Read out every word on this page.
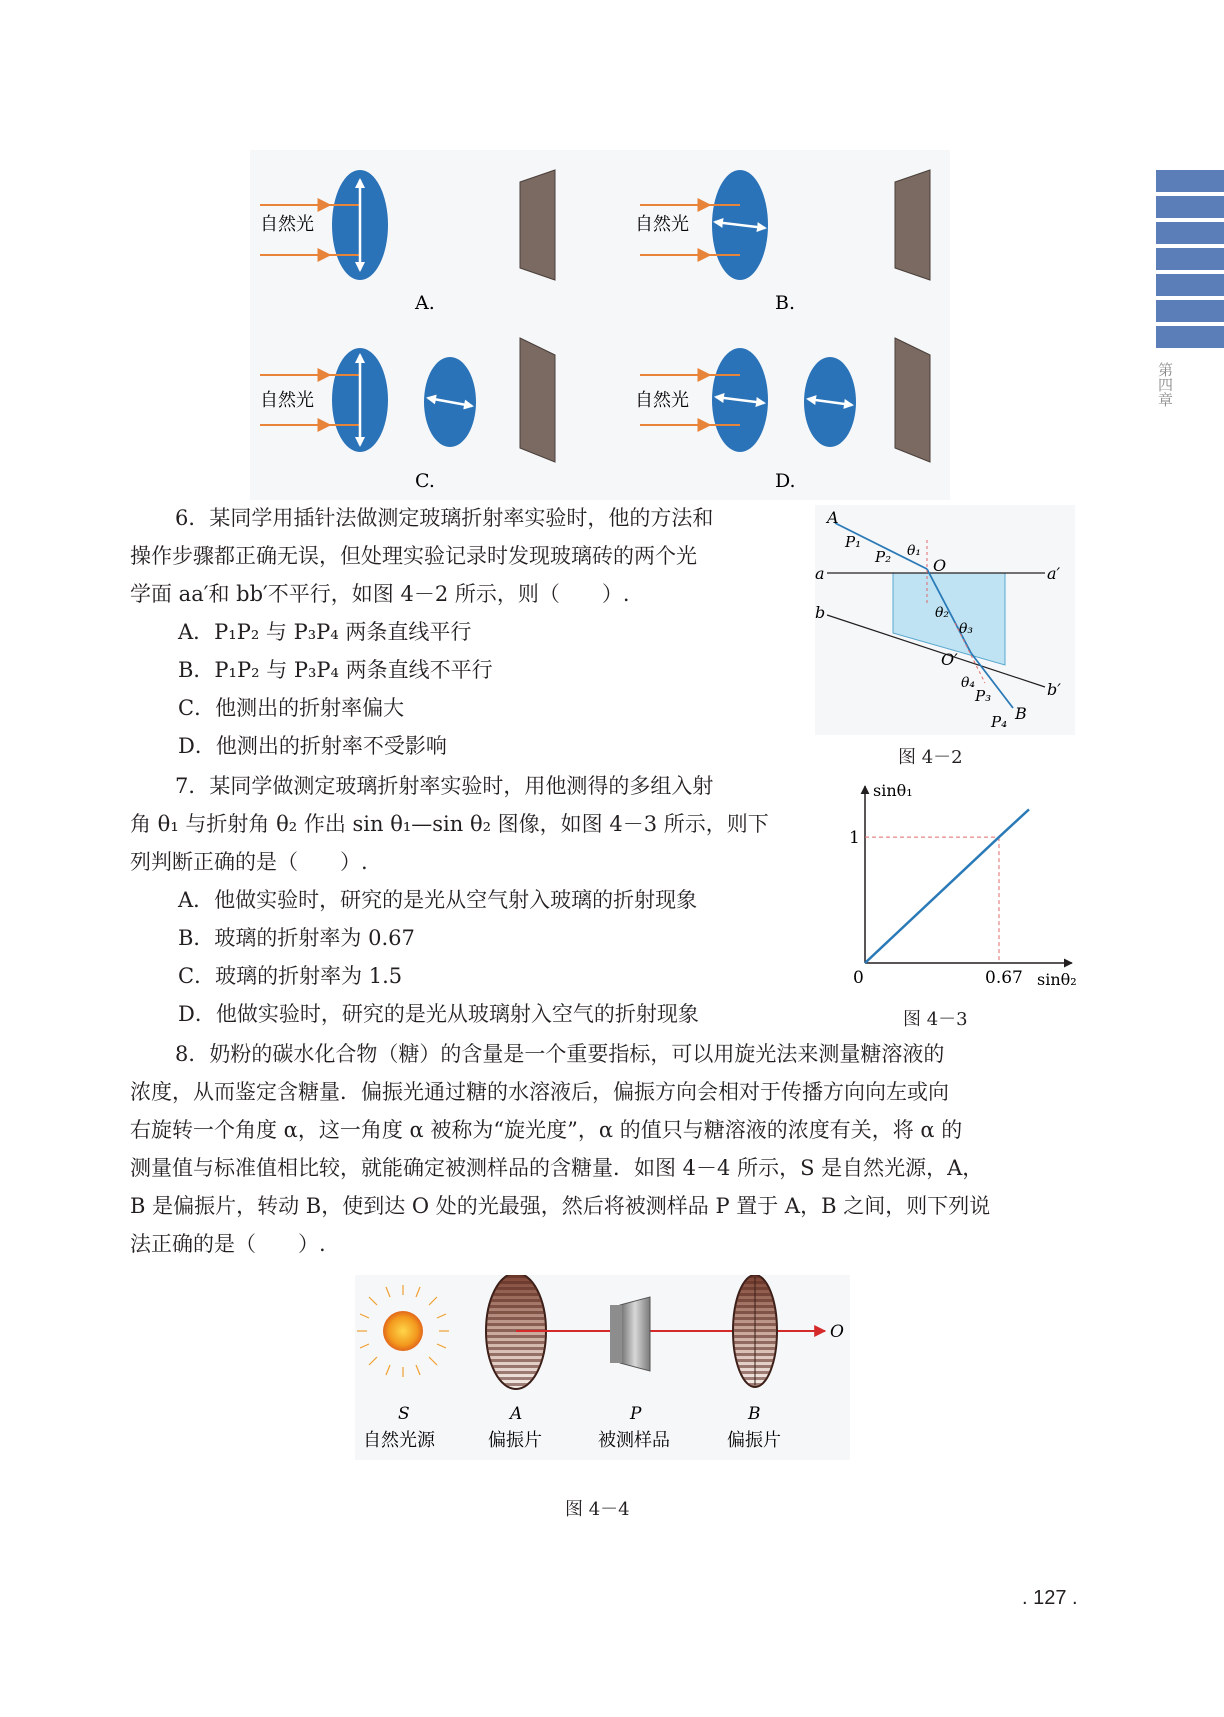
第四章
自然光	自然光
自然光	自然光
A.	B.
C.	D.
6．某同学用插针法做测定玻璃折射率实验时，他的方法和
操作步骤都正确无误，但处理实验记录时发现玻璃砖的两个光
学面 aa′和 bb′不平行，如图 4－2 所示，则（　　）.
A．P₁P₂ 与 P₃P₄ 两条直线平行
B．P₁P₂ 与 P₃P₄ 两条直线不平行
C．他测出的折射率偏大
D．他测出的折射率不受影响
A
P₁
P₂ θ₁
O
a	a′
b	θ₂
θ₃
O′
θ₄
P₃
P₄ B
b′
图 4－2
7．某同学做测定玻璃折射率实验时，用他测得的多组入射
角 θ₁ 与折射角 θ₂ 作出 sin θ₁—sin θ₂ 图像，如图 4－3 所示，则下
列判断正确的是（　　）.
A．他做实验时，研究的是光从空气射入玻璃的折射现象
B．玻璃的折射率为 0.67
C．玻璃的折射率为 1.5
D．他做实验时，研究的是光从玻璃射入空气的折射现象
0	0.67
1
sinθ₁
sinθ₂
图 4－3
8．奶粉的碳水化合物（糖）的含量是一个重要指标，可以用旋光法来测量糖溶液的
浓度，从而鉴定含糖量．偏振光通过糖的水溶液后，偏振方向会相对于传播方向向左或向
右旋转一个角度 α，这一角度 α 被称为“旋光度”，α 的值只与糖溶液的浓度有关，将 α 的
测量值与标准值相比较，就能确定被测样品的含糖量．如图 4－4 所示，S 是自然光源，A，
B 是偏振片，转动 B，使到达 O 处的光最强，然后将被测样品 P 置于 A，B 之间，则下列说
法正确的是（　　）.
O
S	A	P	B
自然光源	偏振片	被测样品	偏振片
图 4－4
. 127 .
